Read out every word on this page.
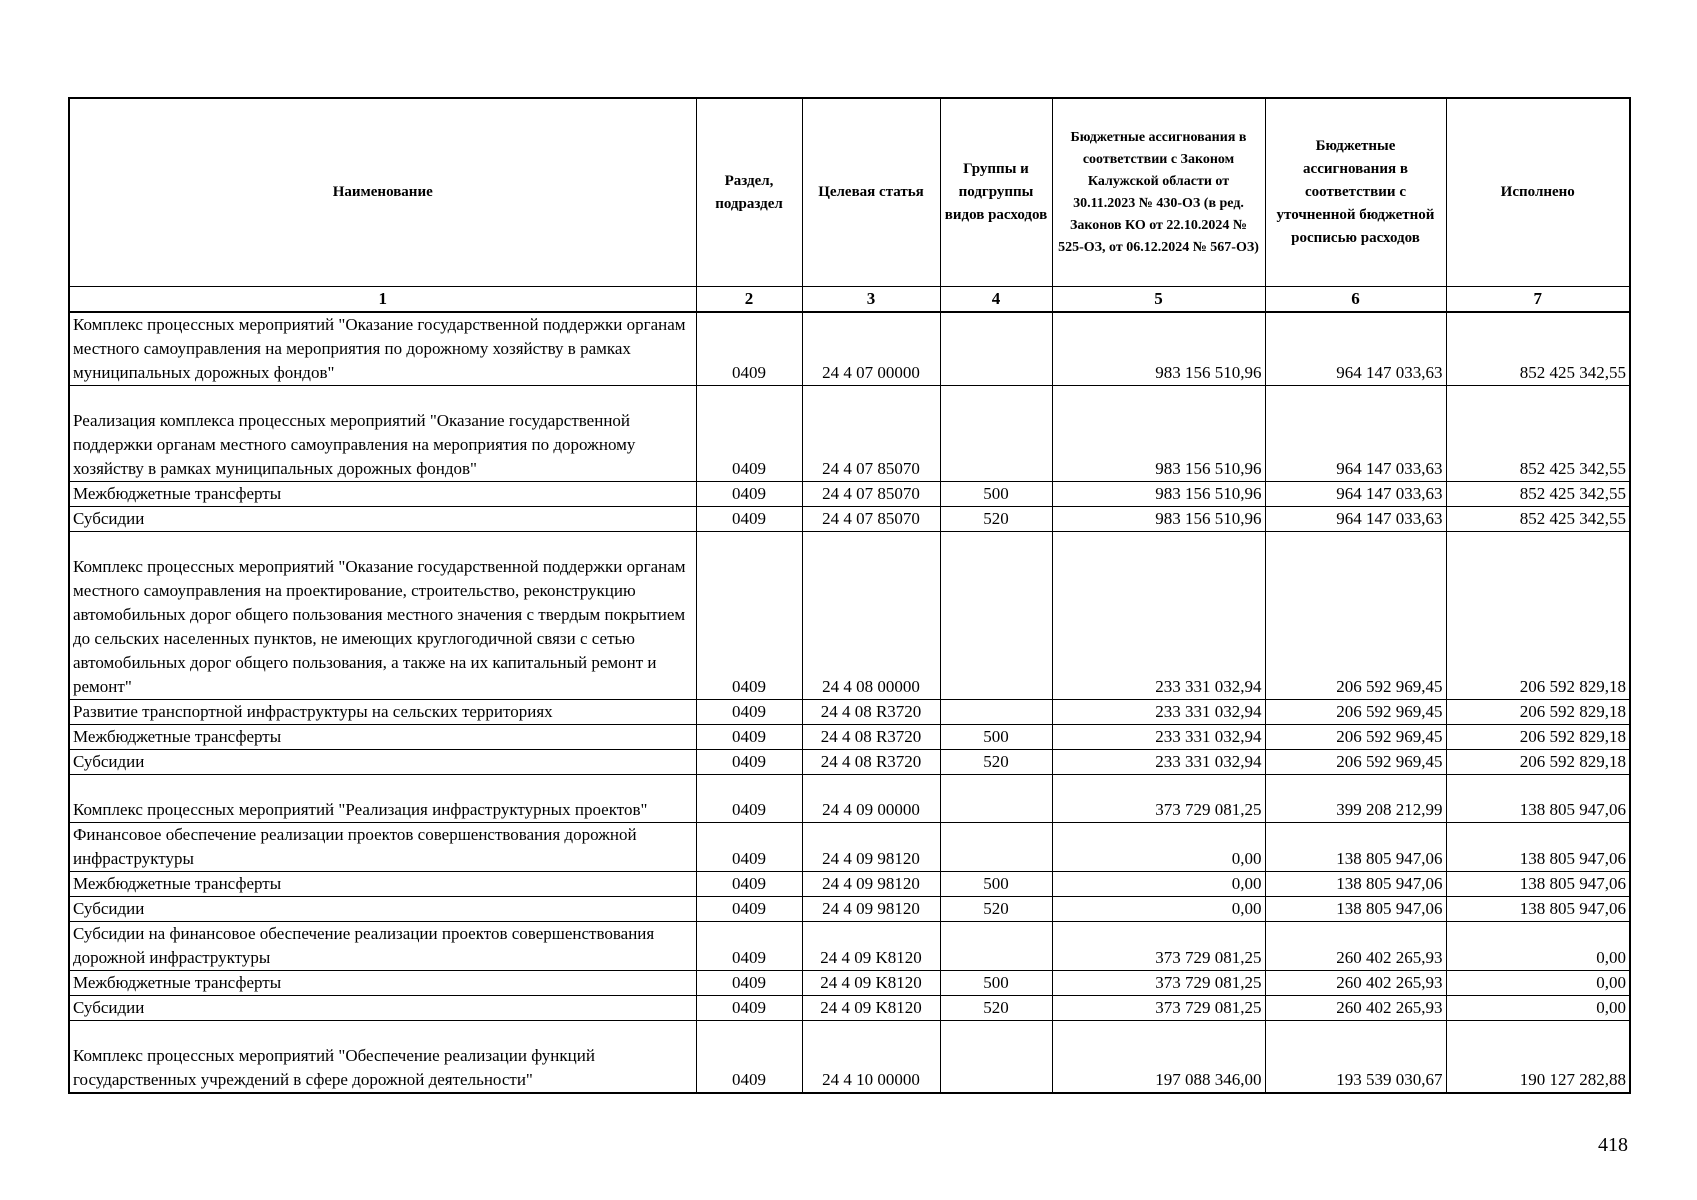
Наименование	Раздел, подраздел	Целевая статья	Группы и подгруппы видов расходов	Бюджетные ассигнования в соответствии с Законом Калужской области от 30.11.2023 № 430-ОЗ (в ред. Законов КО от 22.10.2024 № 525-ОЗ, от 06.12.2024 № 567-ОЗ)	Бюджетные ассигнования в соответствии с уточненной бюджетной росписью расходов	Исполнено
1	2	3	4	5	6	7
Комплекс процессных мероприятий "Оказание государственной поддержки органам местного самоуправления на мероприятия по дорожному хозяйству в рамках муниципальных дорожных фондов"	0409	24 4 07 00000		983 156 510,96	964 147 033,63	852 425 342,55
Реализация комплекса процессных мероприятий "Оказание государственной поддержки органам местного самоуправления на мероприятия по дорожному хозяйству в рамках муниципальных дорожных фондов"	0409	24 4 07 85070		983 156 510,96	964 147 033,63	852 425 342,55
Межбюджетные трансферты	0409	24 4 07 85070	500	983 156 510,96	964 147 033,63	852 425 342,55
Субсидии	0409	24 4 07 85070	520	983 156 510,96	964 147 033,63	852 425 342,55
Комплекс процессных мероприятий "Оказание государственной поддержки органам местного самоуправления на проектирование, строительство, реконструкцию автомобильных дорог общего пользования местного значения с твердым покрытием до сельских населенных пунктов, не имеющих круглогодичной связи с сетью автомобильных дорог общего пользования, а также на их капитальный ремонт и ремонт"	0409	24 4 08 00000		233 331 032,94	206 592 969,45	206 592 829,18
Развитие транспортной инфраструктуры на сельских территориях	0409	24 4 08 R3720		233 331 032,94	206 592 969,45	206 592 829,18
Межбюджетные трансферты	0409	24 4 08 R3720	500	233 331 032,94	206 592 969,45	206 592 829,18
Субсидии	0409	24 4 08 R3720	520	233 331 032,94	206 592 969,45	206 592 829,18
Комплекс процессных мероприятий "Реализация инфраструктурных проектов"	0409	24 4 09 00000		373 729 081,25	399 208 212,99	138 805 947,06
Финансовое обеспечение реализации проектов совершенствования дорожной инфраструктуры	0409	24 4 09 98120		0,00	138 805 947,06	138 805 947,06
Межбюджетные трансферты	0409	24 4 09 98120	500	0,00	138 805 947,06	138 805 947,06
Субсидии	0409	24 4 09 98120	520	0,00	138 805 947,06	138 805 947,06
Субсидии на финансовое обеспечение реализации проектов совершенствования дорожной инфраструктуры	0409	24 4 09 K8120		373 729 081,25	260 402 265,93	0,00
Межбюджетные трансферты	0409	24 4 09 K8120	500	373 729 081,25	260 402 265,93	0,00
Субсидии	0409	24 4 09 K8120	520	373 729 081,25	260 402 265,93	0,00
Комплекс процессных мероприятий "Обеспечение реализации функций государственных учреждений в сфере дорожной деятельности"	0409	24 4 10 00000		197 088 346,00	193 539 030,67	190 127 282,88
418
